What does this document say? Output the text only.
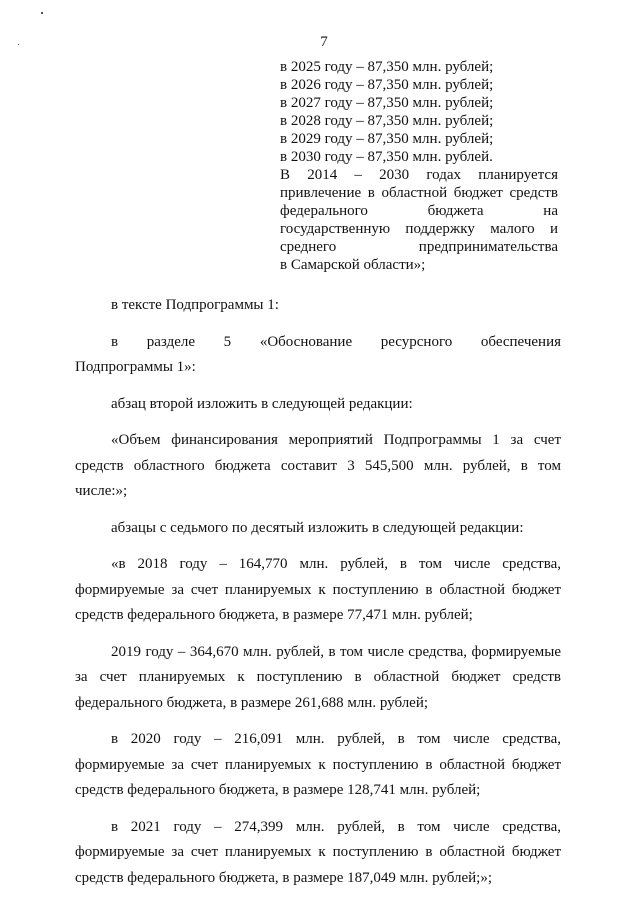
7
в 2025 году – 87,350 млн. рублей;
в 2026 году – 87,350 млн. рублей;
в 2027 году – 87,350 млн. рублей;
в 2028 году – 87,350 млн. рублей;
в 2029 году – 87,350 млн. рублей;
в 2030 году – 87,350 млн. рублей.
В 2014 – 2030 годах планируется
привлечение в областной бюджет средств
федерального бюджета на
государственную поддержку малого и
среднего предпринимательства
в Самарской области»;

в тексте Подпрограммы 1:

в разделе 5 «Обоснование ресурсного обеспечения
Подпрограммы 1»:

абзац второй изложить в следующей редакции:

«Объем финансирования мероприятий Подпрограммы 1 за счет
средств областного бюджета составит 3 545,500 млн. рублей, в том
числе:»;

абзацы с седьмого по десятый изложить в следующей редакции:

«в 2018 году – 164,770 млн. рублей, в том числе средства,
формируемые за счет планируемых к поступлению в областной бюджет
средств федерального бюджета, в размере 77,471 млн. рублей;

2019 году – 364,670 млн. рублей, в том числе средства, формируемые
за счет планируемых к поступлению в областной бюджет средств
федерального бюджета, в размере 261,688 млн. рублей;

в 2020 году – 216,091 млн. рублей, в том числе средства,
формируемые за счет планируемых к поступлению в областной бюджет
средств федерального бюджета, в размере 128,741 млн. рублей;

в 2021 году – 274,399 млн. рублей, в том числе средства,
формируемые за счет планируемых к поступлению в областной бюджет
средств федерального бюджета, в размере 187,049 млн. рублей;»;
